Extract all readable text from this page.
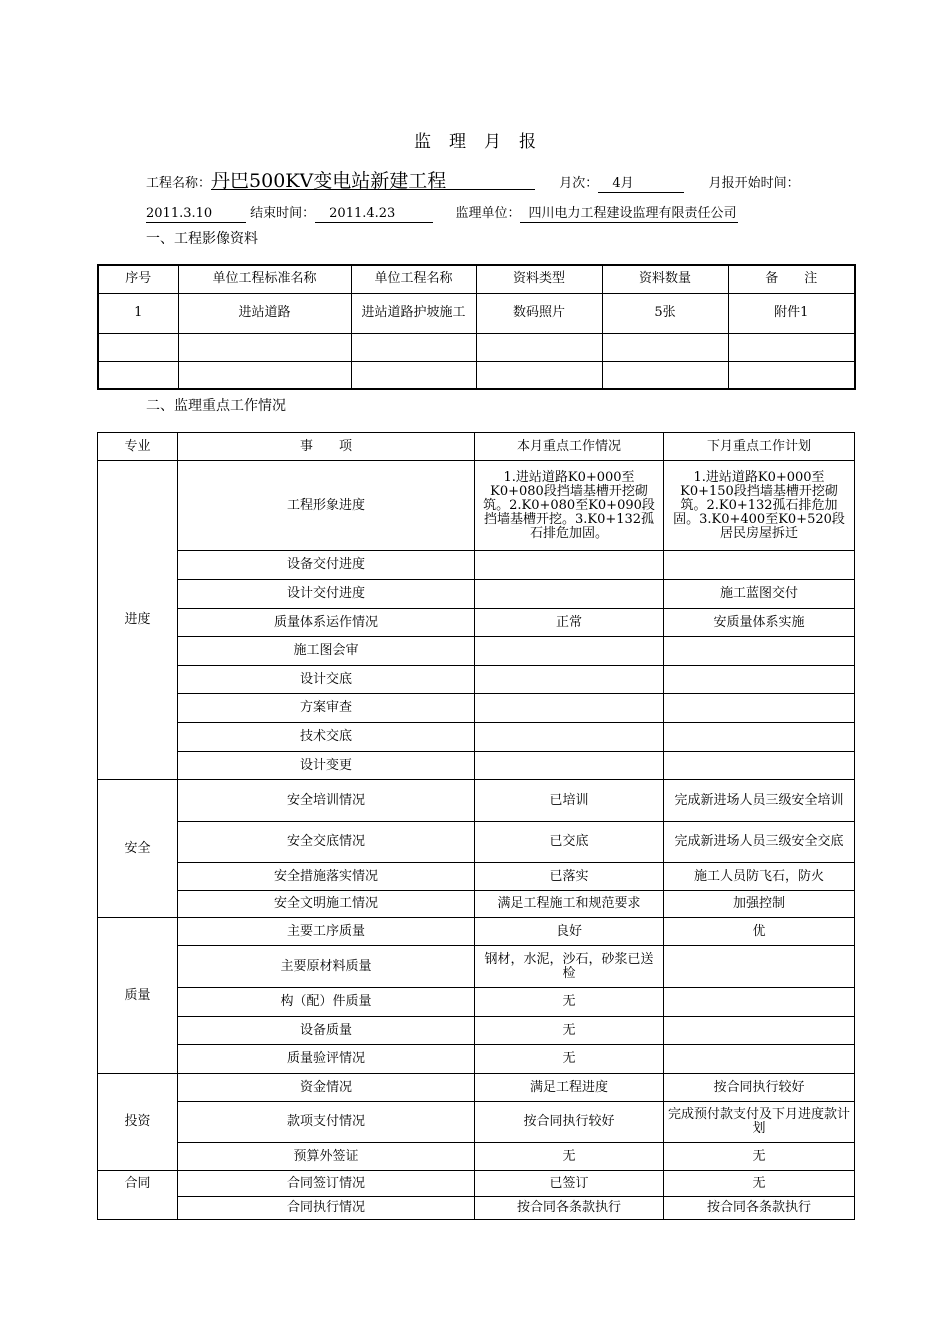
监 理 月 报
工程名称：丹巴500KV变电站新建工程	月次： 4月	月报开始时间：
2011.3.10	结束时间： 2011.4.23	监理单位： 四川电力工程建设监理有限责任公司
一、工程影像资料
序号	单位工程标准名称	单位工程名称	资料类型	资料数量	备　　注
1	进站道路	进站道路护坡施工	数码照片	5张	附件1

二、监理重点工作情况
专业	事　　项	本月重点工作情况	下月重点工作计划
进度	工程形象进度	1.进站道路K0+000至K0+080段挡墙基槽开挖砌筑。2.K0+080至K0+090段挡墙基槽开挖。3.K0+132孤石排危加固。	1.进站道路K0+000至K0+150段挡墙基槽开挖砌筑。2.K0+132孤石排危加固。3.K0+400至K0+520段居民房屋拆迁
	设备交付进度		
	设计交付进度		施工蓝图交付
	质量体系运作情况	正常	安质量体系实施
	施工图会审		
	设计交底		
	方案审查		
	技术交底		
	设计变更		
安全	安全培训情况	已培训	完成新进场人员三级安全培训
	安全交底情况	已交底	完成新进场人员三级安全交底
	安全措施落实情况	已落实	施工人员防飞石，防火
	安全文明施工情况	满足工程施工和规范要求	加强控制
质量	主要工序质量	良好	优
	主要原材料质量	钢材，水泥，沙石，砂浆已送检	
	构（配）件质量	无	
	设备质量	无	
	质量验评情况	无	
投资	资金情况	满足工程进度	按合同执行较好
	款项支付情况	按合同执行较好	完成预付款支付及下月进度款计划
	预算外签证	无	无
合同	合同签订情况	已签订	无
	合同执行情况	按合同各条款执行	按合同各条款执行
